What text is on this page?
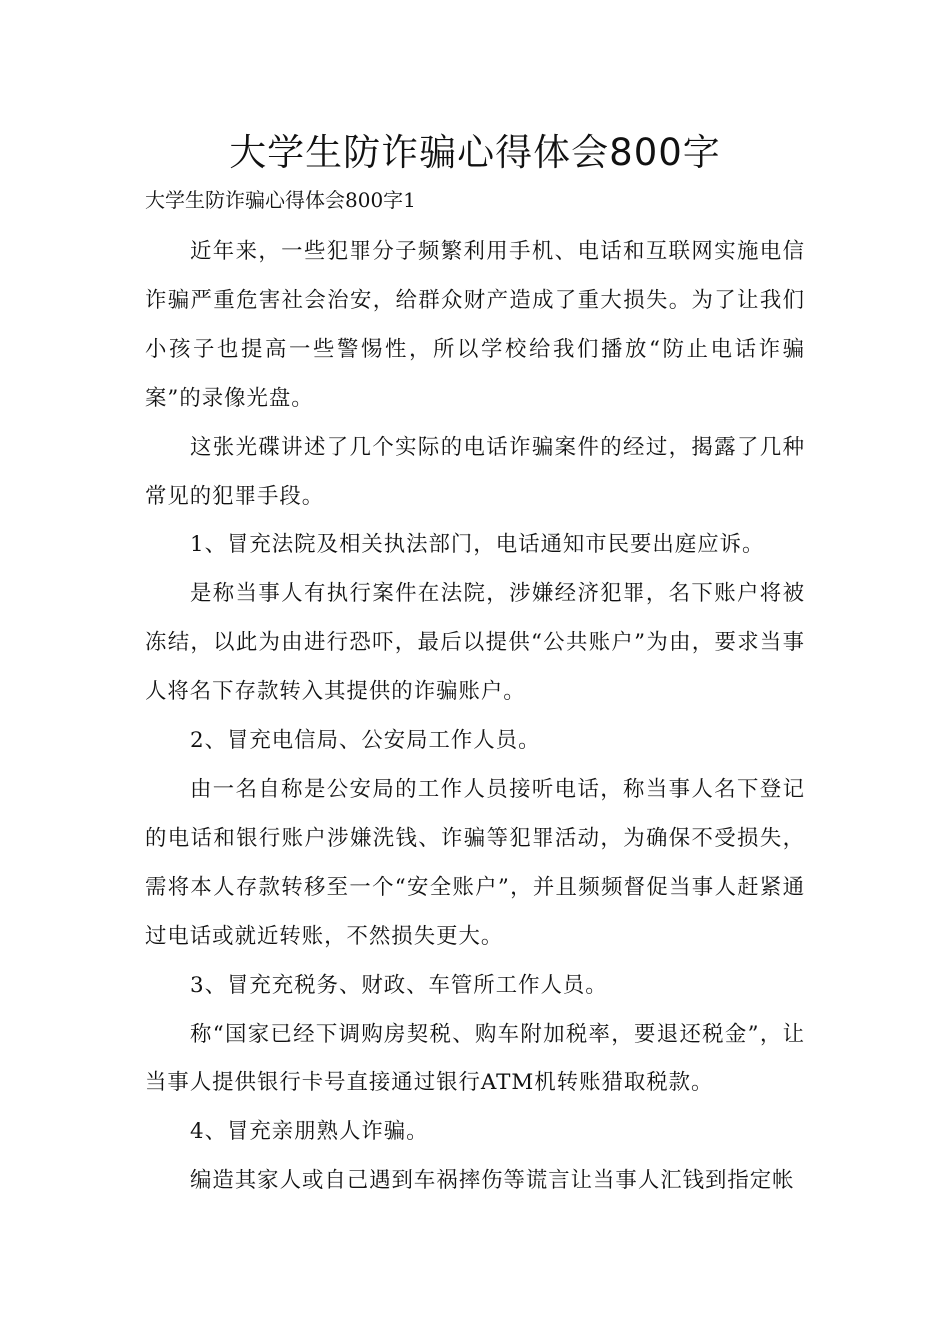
大学生防诈骗心得体会800字
大学生防诈骗心得体会800字1

近年来，一些犯罪分子频繁利用手机、电话和互联网实施电信诈骗严重危害社会治安，给群众财产造成了重大损失。为了让我们小孩子也提高一些警惕性，所以学校给我们播放“防止电话诈骗案”的录像光盘。

这张光碟讲述了几个实际的电话诈骗案件的经过，揭露了几种常见的犯罪手段。

1、冒充法院及相关执法部门，电话通知市民要出庭应诉。

是称当事人有执行案件在法院，涉嫌经济犯罪，名下账户将被冻结，以此为由进行恐吓，最后以提供“公共账户”为由，要求当事人将名下存款转入其提供的诈骗账户。

2、冒充电信局、公安局工作人员。

由一名自称是公安局的工作人员接听电话，称当事人名下登记的电话和银行账户涉嫌洗钱、诈骗等犯罪活动，为确保不受损失，需将本人存款转移至一个“安全账户”，并且频频督促当事人赶紧通过电话或就近转账，不然损失更大。

3、冒充充税务、财政、车管所工作人员。

称“国家已经下调购房契税、购车附加税率，要退还税金”，让当事人提供银行卡号直接通过银行ATM机转账猎取税款。

4、冒充亲朋熟人诈骗。

编造其家人或自己遇到车祸摔伤等谎言让当事人汇钱到指定帐
